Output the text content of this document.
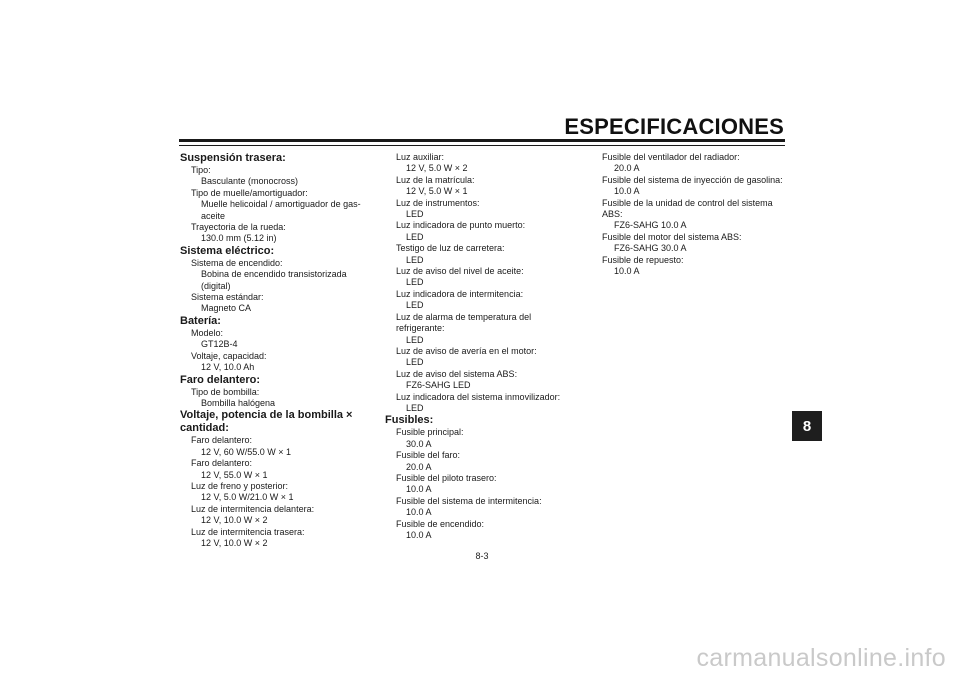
ESPECIFICACIONES
Suspensión trasera:
Tipo:
Basculante (monocross)
Tipo de muelle/amortiguador:
Muelle helicoidal / amortiguador de gas-
aceite
Trayectoria de la rueda:
130.0 mm (5.12 in)
Sistema eléctrico:
Sistema de encendido:
Bobina de encendido transistorizada
(digital)
Sistema estándar:
Magneto CA
Batería:
Modelo:
GT12B-4
Voltaje, capacidad:
12 V, 10.0 Ah
Faro delantero:
Tipo de bombilla:
Bombilla halógena
Voltaje, potencia de la bombilla ×
cantidad:
Faro delantero:
12 V, 60 W/55.0 W × 1
Faro delantero:
12 V, 55.0 W × 1
Luz de freno y posterior:
12 V, 5.0 W/21.0 W × 1
Luz de intermitencia delantera:
12 V, 10.0 W × 2
Luz de intermitencia trasera:
12 V, 10.0 W × 2
Luz auxiliar:
12 V, 5.0 W × 2
Luz de la matrícula:
12 V, 5.0 W × 1
Luz de instrumentos:
LED
Luz indicadora de punto muerto:
LED
Testigo de luz de carretera:
LED
Luz de aviso del nivel de aceite:
LED
Luz indicadora de intermitencia:
LED
Luz de alarma de temperatura del
refrigerante:
LED
Luz de aviso de avería en el motor:
LED
Luz de aviso del sistema ABS:
FZ6-SAHG LED
Luz indicadora del sistema inmovilizador:
LED
Fusibles:
Fusible principal:
30.0 A
Fusible del faro:
20.0 A
Fusible del piloto trasero:
10.0 A
Fusible del sistema de intermitencia:
10.0 A
Fusible de encendido:
10.0 A
Fusible del ventilador del radiador:
20.0 A
Fusible del sistema de inyección de gasolina:
10.0 A
Fusible de la unidad de control del sistema
ABS:
FZ6-SAHG 10.0 A
Fusible del motor del sistema ABS:
FZ6-SAHG 30.0 A
Fusible de repuesto:
10.0 A
8
8-3
carmanualsonline.info
